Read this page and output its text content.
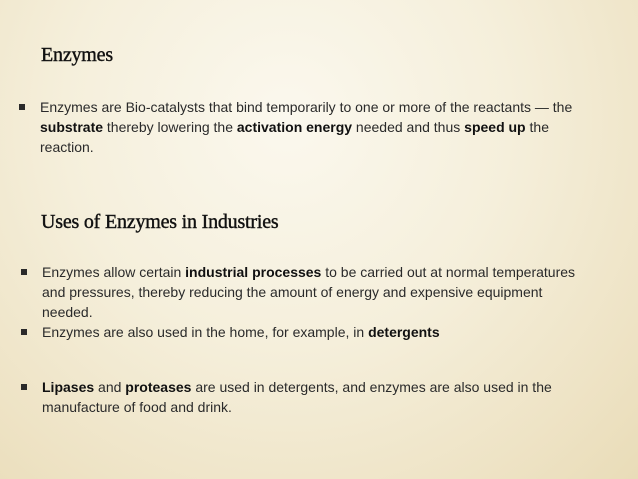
Enzymes
Enzymes are Bio-catalysts that bind temporarily to one or more of the reactants — the substrate thereby lowering the activation energy needed and thus speed up the reaction.
Uses of Enzymes in Industries
Enzymes allow certain industrial processes to be carried out at normal temperatures and pressures, thereby reducing the amount of energy and expensive equipment needed.
Enzymes are also used in the home, for example, in detergents
Lipases and proteases are used in detergents, and enzymes are also used in the manufacture of food and drink.
